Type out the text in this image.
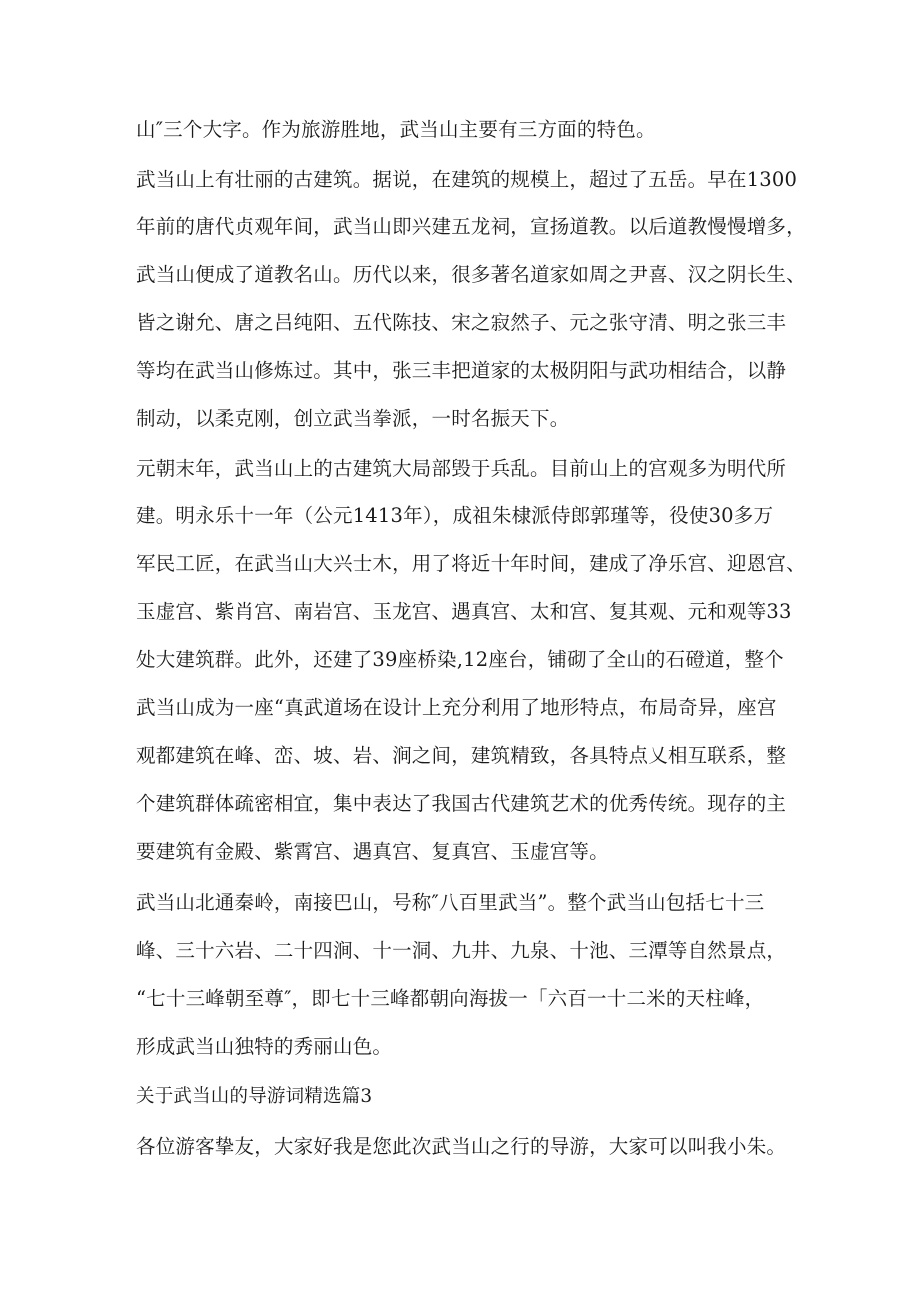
山″三个大字。作为旅游胜地，武当山主要有三方面的特色。
武当山上有壮丽的古建筑。据说，在建筑的规模上，超过了五岳。早在1300
年前的唐代贞观年间，武当山即兴建五龙祠，宣扬道教。以后道教慢慢增多，
武当山便成了道教名山。历代以来，很多著名道家如周之尹喜、汉之阴长生、
皆之谢允、唐之吕纯阳、五代陈技、宋之寂然子、元之张守清、明之张三丰
等均在武当山修炼过。其中，张三丰把道家的太极阴阳与武功相结合，以静
制动，以柔克刚，创立武当拳派，一时名振天下。
元朝末年，武当山上的古建筑大局部毁于兵乱。目前山上的宫观多为明代所
建。明永乐十一年（公元1413年），成祖朱棣派侍郎郭瑾等，役使30多万
军民工匠，在武当山大兴士木，用了将近十年时间，建成了净乐宫、迎恩宫、
玉虚宫、紫肖宫、南岩宫、玉龙宫、遇真宫、太和宫、复其观、元和观等33
处大建筑群。此外，还建了39座桥染,12座台，铺砌了全山的石磴道，整个
武当山成为一座“真武道场在设计上充分利用了地形特点，布局奇异，座宫
观都建筑在峰、峦、坡、岩、涧之间，建筑精致，各具特点乂相互联系，整
个建筑群体疏密相宜，集中表达了我国古代建筑艺术的优秀传统。现存的主
要建筑有金殿、紫霄宫、遇真宫、复真宫、玉虚宫等。
武当山北通秦岭，南接巴山，号称″八百里武当”。整个武当山包括七十三
峰、三十六岩、二十四涧、十一洞、九井、九泉、十池、三潭等自然景点，
“七十三峰朝至尊″，即七十三峰都朝向海拔一「六百一十二米的天柱峰，
形成武当山独特的秀丽山色。
关于武当山的导游词精选篇3
各位游客挚友，大家好我是您此次武当山之行的导游，大家可以叫我小朱。
